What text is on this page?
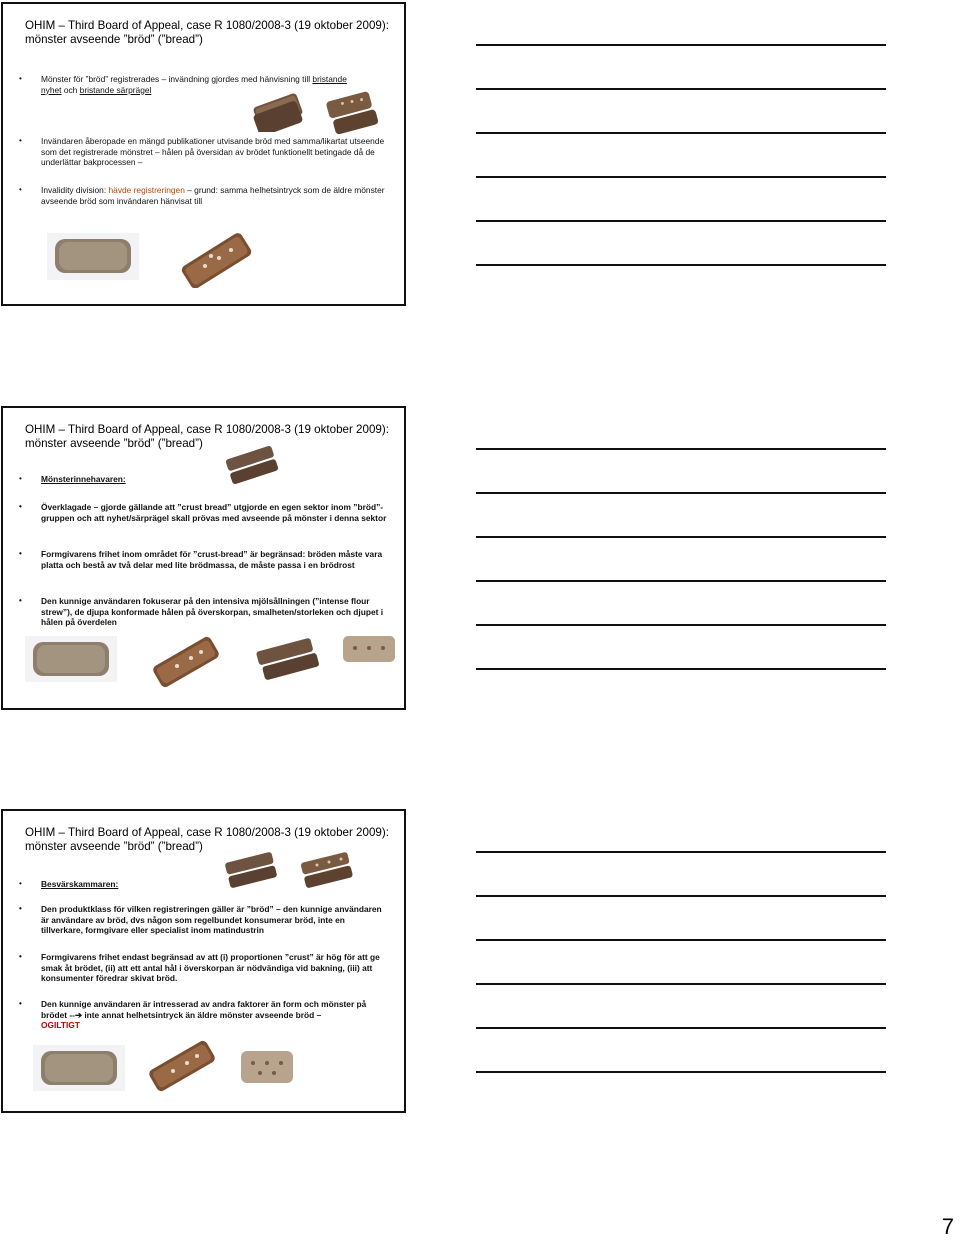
OHIM – Third Board of Appeal, case R 1080/2008-3 (19 oktober 2009):
mönster avseende ”bröd” (”bread”)
• Mönster för ”bröd” registrerades – invändning gjordes med hänvisning till bristande nyhet och bristande särprägel
• Invändaren åberopade en mängd publikationer utvisande bröd med samma/likartat utseende som det registrerade mönstret – hålen på översidan av brödet funktionellt betingade då de underlättar bakprocessen –
• Invalidity division: hävde registreringen – grund: samma helhetsintryck som de äldre mönster avseende bröd som invändaren hänvisat till
OHIM – Third Board of Appeal, case R 1080/2008-3 (19 oktober 2009):
mönster avseende ”bröd” (”bread”)
• Mönsterinnehavaren:
• Överklagade – gjorde gällande att ”crust bread” utgjorde en egen sektor inom ”bröd”-gruppen och att nyhet/särprägel skall prövas med avseende på mönster i denna sektor
• Formgivarens frihet inom området för ”crust-bread” är begränsad: bröden måste vara platta och bestå av två delar med lite brödmassa, de måste passa i en brödrost
• Den kunnige användaren fokuserar på den intensiva mjölsållningen (”intense flour strew”), de djupa konformade hålen på överskorpan, smalheten/storleken och djupet i hålen på överdelen
OHIM – Third Board of Appeal, case R 1080/2008-3 (19 oktober 2009):
mönster avseende ”bröd” (”bread”)
• Besvärskammaren:
• Den produktklass för vilken registreringen gäller är ”bröd” – den kunnige användaren är användare av bröd, dvs någon som regelbundet konsumerar bröd, inte en tillverkare, formgivare eller specialist inom matindustrin
• Formgivarens frihet endast begränsad av att (i) proportionen ”crust” är hög för att ge smak åt brödet, (ii) att ett antal hål i överskorpan är nödvändiga vid bakning, (iii) att konsumenter föredrar skivat bröd.
• Den kunnige användaren är intresserad av andra faktorer än form och mönster på brödet --➔ inte annat helhetsintryck än äldre mönster avseende bröd –
OGILTIGT
7
